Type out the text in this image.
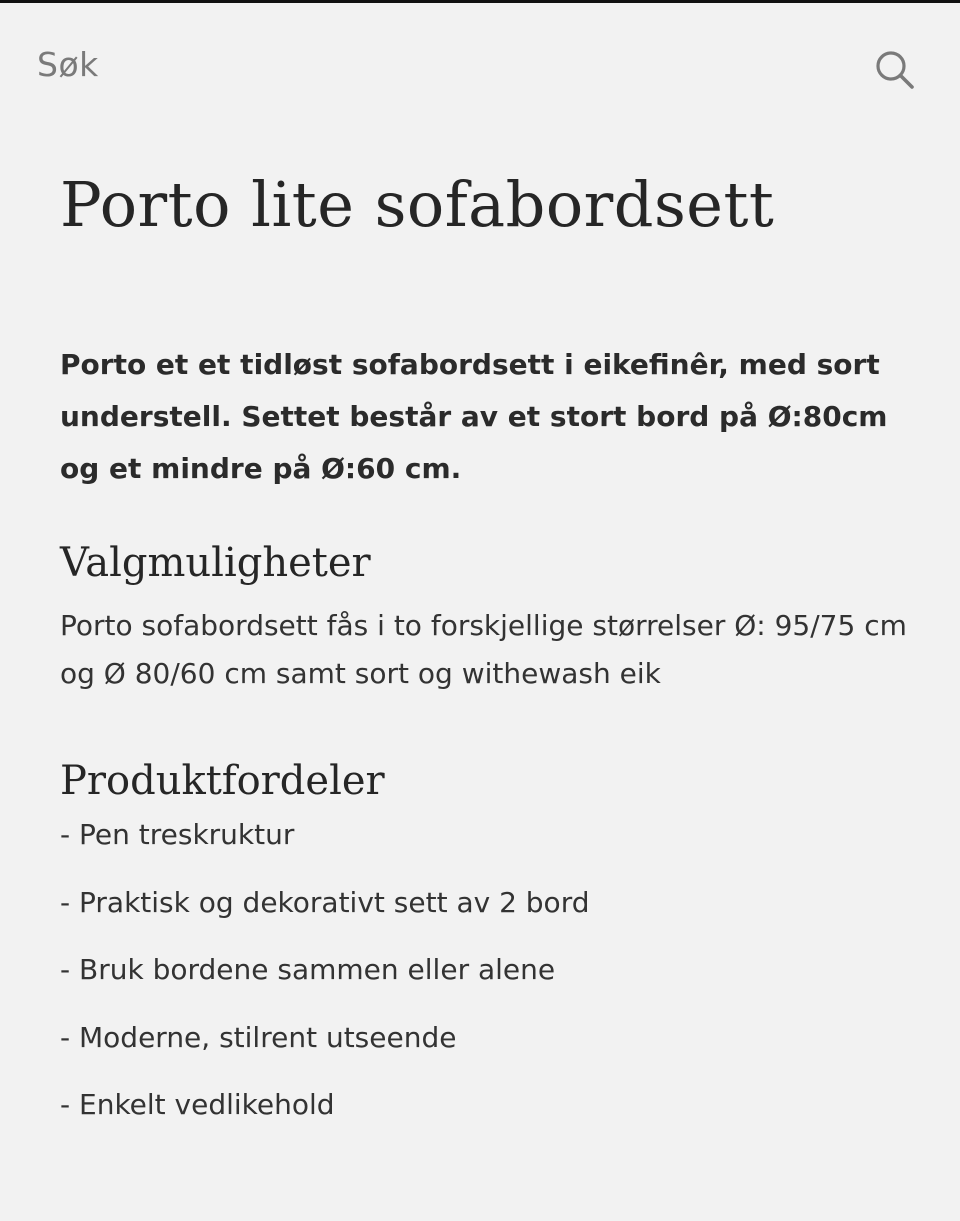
Søk
Porto lite sofabordsett

Porto et et tidløst sofabordsett i eikefinêr, med sort understell. Settet består av et stort bord på Ø:80cm og et mindre på Ø:60 cm.

Valgmuligheter

Porto sofabordsett fås i to forskjellige størrelser Ø: 95/75 cm og Ø 80/60 cm samt sort og withewash eik

Produktfordeler
- Pen treskruktur
- Praktisk og dekorativt sett av 2 bord
- Bruk bordene sammen eller alene
- Moderne, stilrent utseende
- Enkelt vedlikehold
